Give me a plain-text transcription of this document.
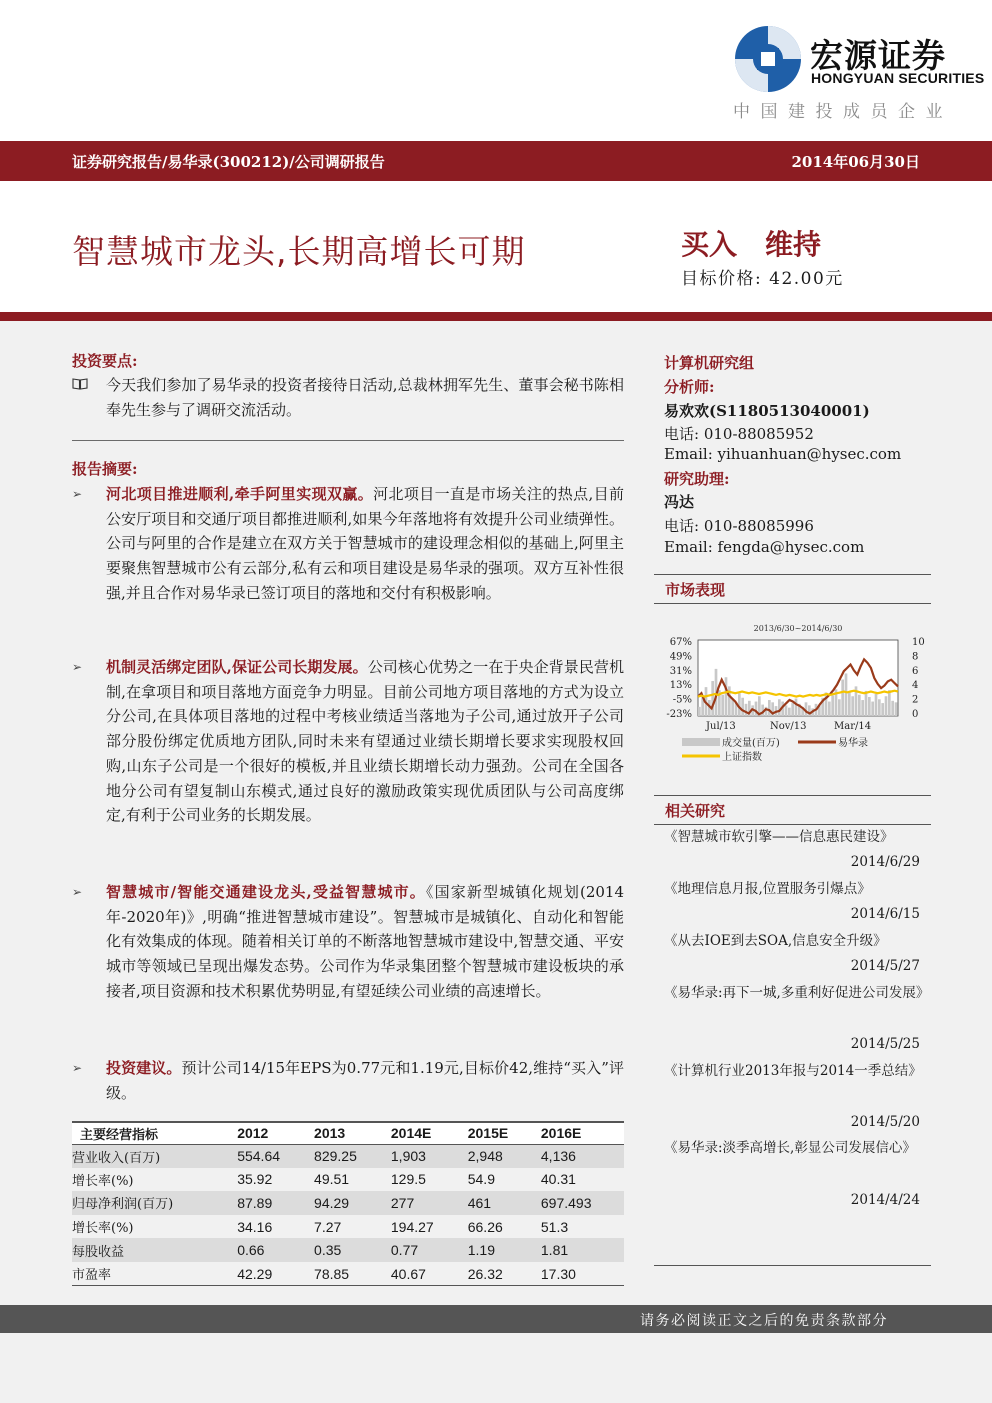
宏源证券
HONGYUAN SECURITIES
中国建投成员企业
证券研究报告/易华录(300212)/公司调研报告	2014年06月30日
智慧城市龙头,长期高增长可期	买入 维持
目标价格: 42.00元
投资要点:
今天我们参加了易华录的投资者接待日活动,总裁林拥军先生、董事会秘书陈相奉先生参与了调研交流活动。
报告摘要:
➢ 河北项目推进顺利,牵手阿里实现双赢。河北项目一直是市场关注的热点,目前公安厅项目和交通厅项目都推进顺利,如果今年落地将有效提升公司业绩弹性。公司与阿里的合作是建立在双方关于智慧城市的建设理念相似的基础上,阿里主要聚焦智慧城市公有云部分,私有云和项目建设是易华录的强项。双方互补性很强,并且合作对易华录已签订项目的落地和交付有积极影响。
➢ 机制灵活绑定团队,保证公司长期发展。公司核心优势之一在于央企背景民营机制,在拿项目和项目落地方面竞争力明显。目前公司地方项目落地的方式为设立分公司,在具体项目落地的过程中考核业绩适当落地为子公司,通过放开子公司部分股份绑定优质地方团队,同时未来有望通过业绩长期增长要求实现股权回购,山东子公司是一个很好的模板,并且业绩长期增长动力强劲。公司在全国各地分公司有望复制山东模式,通过良好的激励政策实现优质团队与公司高度绑定,有利于公司业务的长期发展。
➢ 智慧城市/智能交通建设龙头,受益智慧城市。《国家新型城镇化规划(2014年-2020年)》,明确“推进智慧城市建设”。智慧城市是城镇化、自动化和智能化有效集成的体现。随着相关订单的不断落地智慧城市建设中,智慧交通、平安城市等领域已呈现出爆发态势。公司作为华录集团整个智慧城市建设板块的承接者,项目资源和技术积累优势明显,有望延续公司业绩的高速增长。
➢ 投资建议。预计公司14/15年EPS为0.77元和1.19元,目标价42,维持“买入”评级。
主要经营指标	2012	2013	2014E	2015E	2016E
营业收入(百万)	554.64	829.25	1,903	2,948	4,136
增长率(%)	35.92	49.51	129.5	54.9	40.31
归母净利润(百万)	87.89	94.29	277	461	697.493
增长率(%)	34.16	7.27	194.27	66.26	51.3
每股收益	0.66	0.35	0.77	1.19	1.81
市盈率	42.29	78.85	40.67	26.32	17.30
计算机研究组
分析师:
易欢欢(S1180513040001)
电话: 010-88085952
Email: yihuanhuan@hysec.com
研究助理:
冯达
电话: 010-88085996
Email: fengda@hysec.com
市场表现
2013/6/30~2014/6/30
67%
49%
31%
13%
-5%
-23%
10
8
6
4
2
0
Jul/13	Nov/13	Mar/14
成交量(百万)	易华录
上证指数
相关研究
《智慧城市软引擎——信息惠民建设》
2014/6/29
《地理信息月报,位置服务引爆点》
2014/6/15
《从去IOE到去SOA,信息安全升级》
2014/5/27
《易华录:再下一城,多重利好促进公司发展》
2014/5/25
《计算机行业2013年报与2014一季总结》
2014/5/20
《易华录:淡季高增长,彰显公司发展信心》
2014/4/24
请务必阅读正文之后的免责条款部分
